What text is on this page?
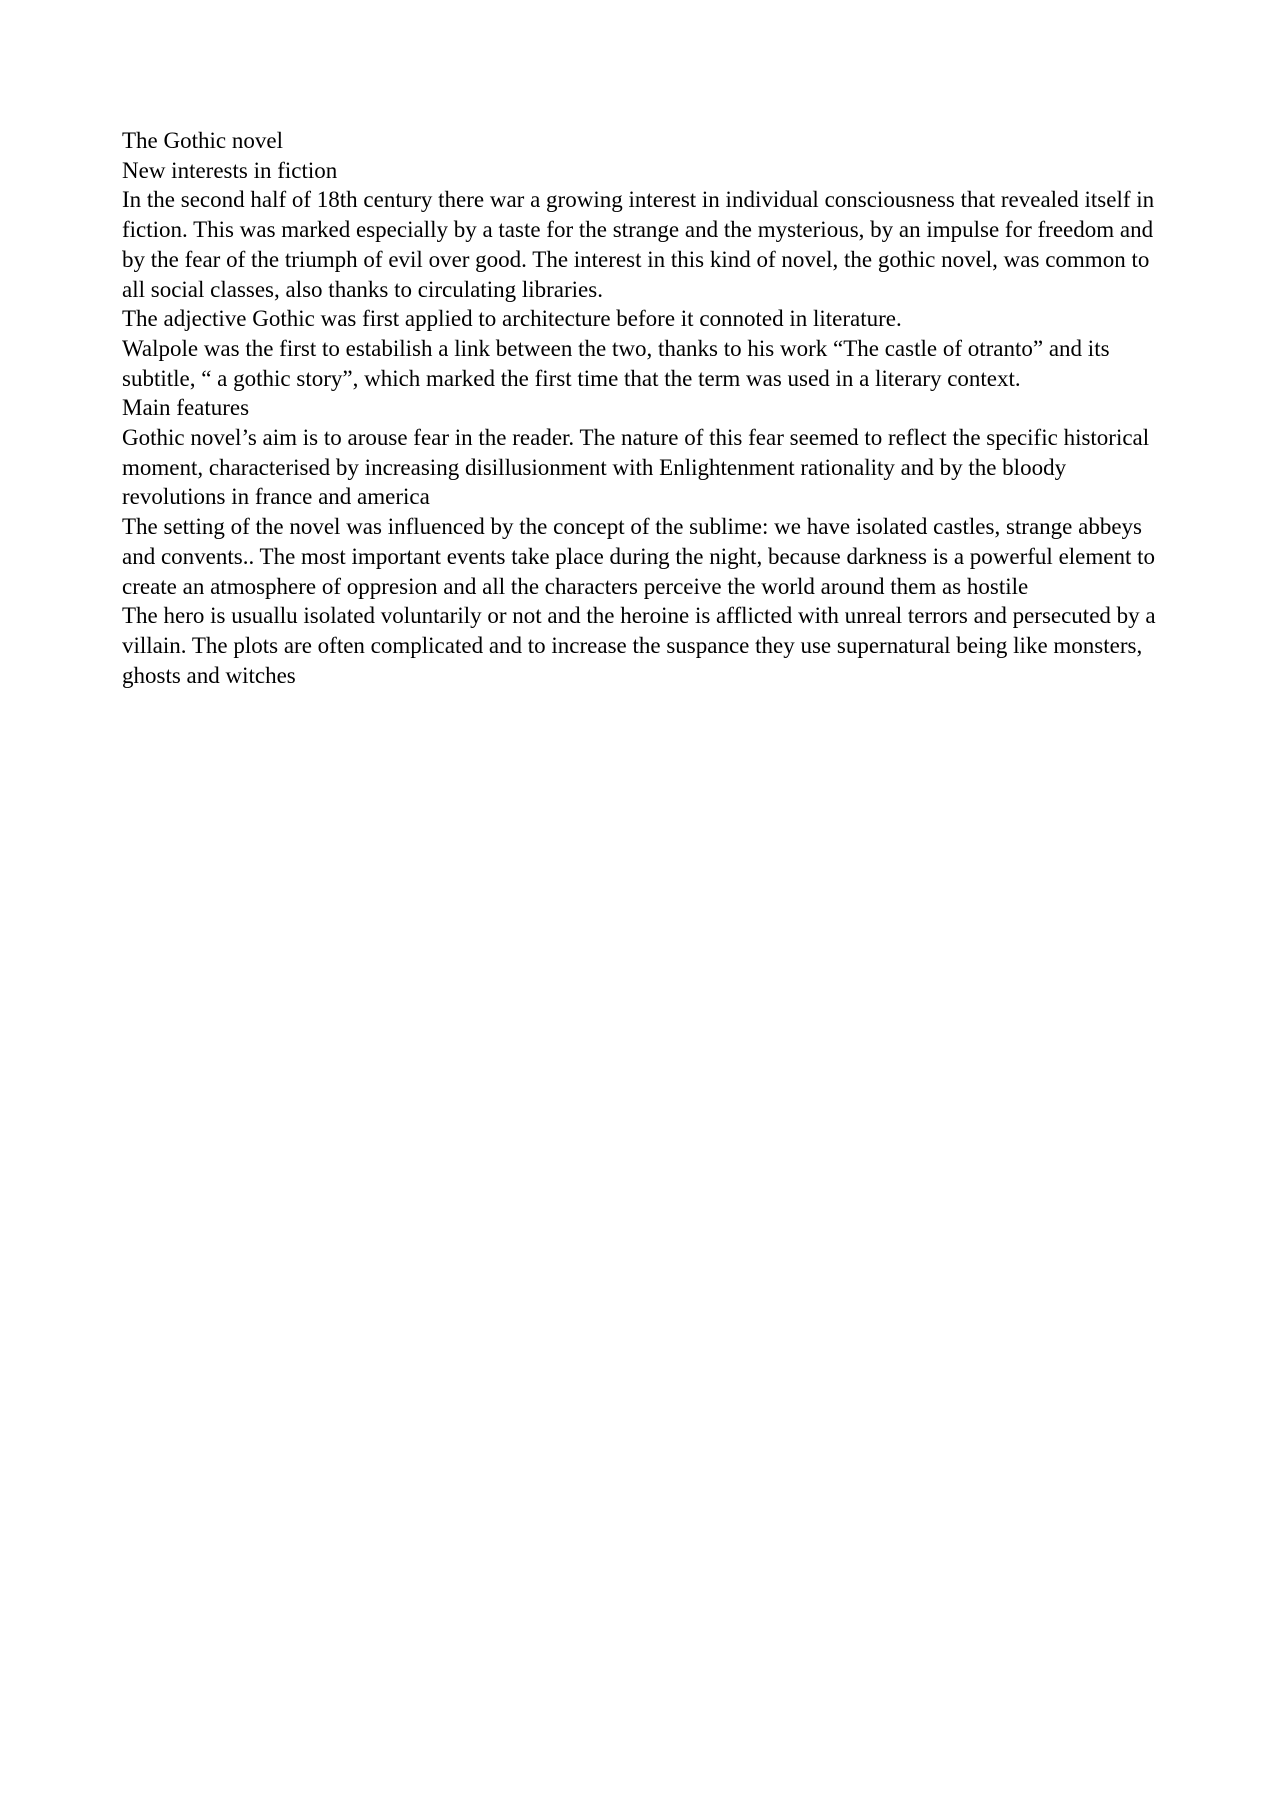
The Gothic novel

New interests in fiction

In the second half of 18th century there war a growing interest in individual consciousness that revealed itself in fiction. This was marked especially by a taste for the strange and the mysterious, by an impulse for freedom and by the fear of the triumph of evil over good. The interest in this kind of novel, the gothic novel, was common to all social classes, also thanks to circulating libraries.

The adjective Gothic was first applied to architecture before it connoted in literature.

Walpole was the first to estabilish a link between the two, thanks to his work “The castle of otranto” and its subtitle, “ a gothic story”, which marked the first time that the term was used in a literary context.

Main features

Gothic novel’s aim is to arouse fear in the reader. The nature of this fear seemed to reflect the specific historical moment, characterised by increasing disillusionment with Enlightenment rationality and by the bloody revolutions in france and america

The setting of the novel was influenced by the concept of the sublime: we have isolated castles, strange abbeys and convents.. The most important events take place during the night, because darkness is a powerful element to create an atmosphere of oppresion and all the characters perceive the world around them as hostile

The hero is usuallu isolated voluntarily or not and the heroine is afflicted with unreal terrors and persecuted by a villain. The plots are often complicated and to increase the suspance they use supernatural being like monsters, ghosts and witches
